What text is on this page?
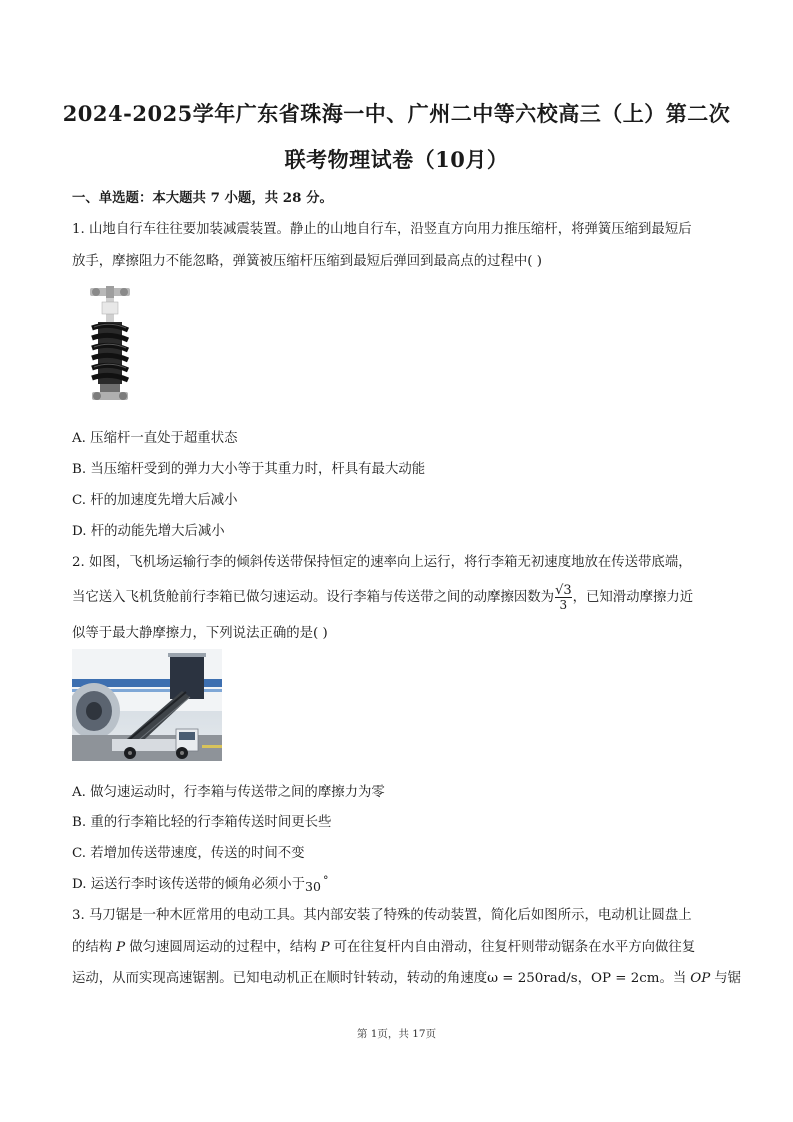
2024-2025学年广东省珠海一中、广州二中等六校高三（上）第二次
联考物理试卷（10月）
一、单选题：本大题共 7 小题，共 28 分。
1. 山地自行车往往要加装减震装置。静止的山地自行车，沿竖直方向用力推压缩杆，将弹簧压缩到最短后
放手，摩擦阻力不能忽略，弹簧被压缩杆压缩到最短后弹回到最高点的过程中( )
A. 压缩杆一直处于超重状态
B. 当压缩杆受到的弹力大小等于其重力时，杆具有最大动能
C. 杆的加速度先增大后减小
D. 杆的动能先增大后减小
2. 如图，飞机场运输行李的倾斜传送带保持恒定的速率向上运行，将行李箱无初速度地放在传送带底端，
当它送入飞机货舱前行李箱已做匀速运动。设行李箱与传送带之间的动摩擦因数为 $\frac{√3}{3}$ ，已知滑动摩擦力近
似等于最大静摩擦力，下列说法正确的是( )
A. 做匀速运动时，行李箱与传送带之间的摩擦力为零
B. 重的行李箱比轻的行李箱传送时间更长些
C. 若增加传送带速度，传送的时间不变
D. 运送行李时该传送带的倾角必须小于30 °
3. 马刀锯是一种木匠常用的电动工具。其内部安装了特殊的传动装置，简化后如图所示，电动机让圆盘上
的结构 P 做匀速圆周运动的过程中，结构 P 可在往复杆内自由滑动，往复杆则带动锯条在水平方向做往复
运动，从而实现高速锯割。已知电动机正在顺时针转动，转动的角速度ω = 250rad/s，OP = 2cm。当 OP 与锯
第 1页，共 17页
